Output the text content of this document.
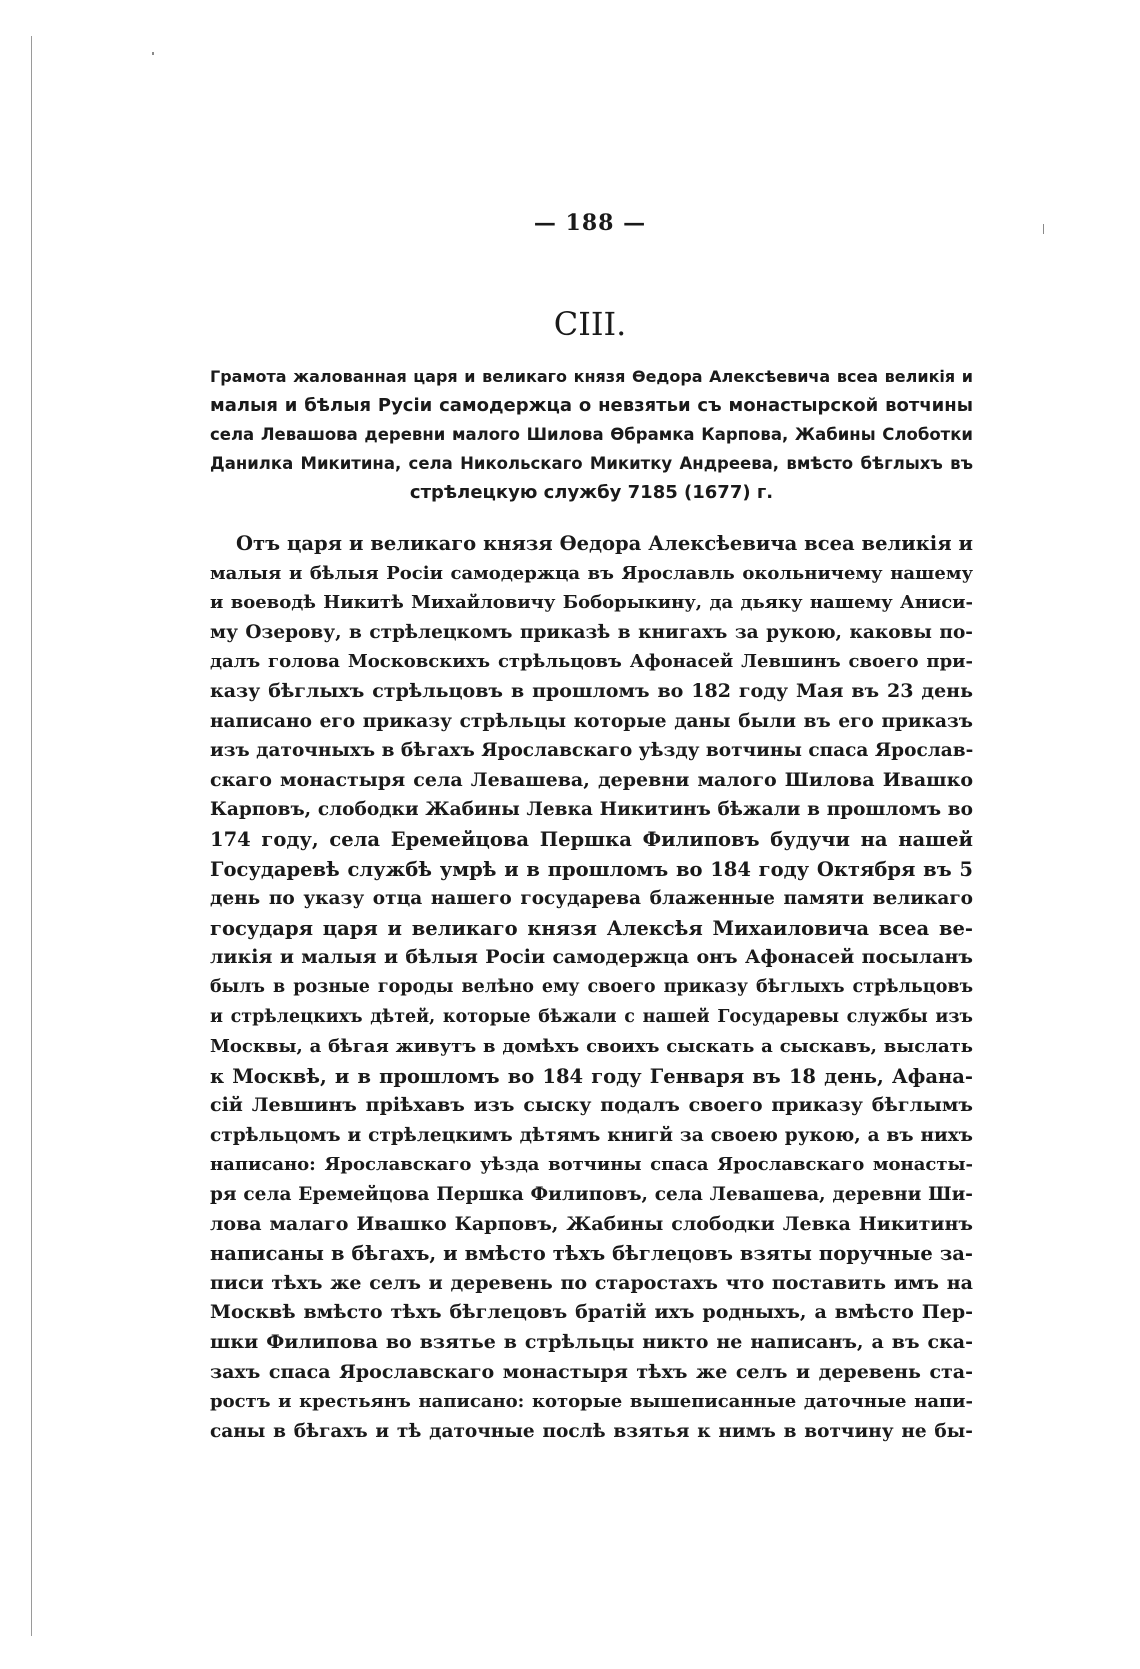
— 188 —
CIII.
Грамота жалованная царя и великаго князя Өедора Алексѣевича всеа великія и
малыя и бѣлыя Русіи самодержца о невзятьи съ монастырской вотчины
села Левашова деревни малого Шилова Өбрамка Карпова, Жабины Слоботки
Данилка Микитина, села Никольскаго Микитку Андреева, вмѣсто бѣглыхъ въ
стрѣлецкую службу 7185 (1677) г.
Отъ царя и великаго князя Өедора Алексѣевича всеа великія и
малыя и бѣлыя Росіи самодержца въ Ярославль окольничему нашему
и воеводѣ Никитѣ Михайловичу Боборыкину, да дьяку нашему Аниси-
му Озерову, в стрѣлецкомъ приказѣ в книгахъ за рукою, каковы по-
далъ голова Московскихъ стрѣльцовъ Афонасей Левшинъ своего при-
казу бѣглыхъ стрѣльцовъ в прошломъ во 182 году Мая въ 23 день
написано его приказу стрѣльцы которые даны были въ его приказъ
изъ даточныхъ в бѣгахъ Ярославскаго уѣзду вотчины спаса Ярослав-
скаго монастыря села Левашева, деревни малого Шилова Ивашко
Карповъ, слободки Жабины Левка Никитинъ бѣжали в прошломъ во
174 году, села Еремейцова Першка Филиповъ будучи на нашей
Государевѣ службѣ умрѣ и в прошломъ во 184 году Октября въ 5
день по указу отца нашего государева блаженные памяти великаго
государя царя и великаго князя Алексѣя Михаиловича всеа ве-
ликія и малыя и бѣлыя Росіи самодержца онъ Афонасей посыланъ
былъ в розные городы велѣно ему своего приказу бѣглыхъ стрѣльцовъ
и стрѣлецкихъ дѣтей, которые бѣжали с нашей Государевы службы изъ
Москвы, а бѣгая живутъ в домѣхъ своихъ сыскать а сыскавъ, выслать
к Москвѣ, и в прошломъ во 184 году Генваря въ 18 день, Афана-
сій Левшинъ пріѣхавъ изъ сыску подалъ своего приказу бѣглымъ
стрѣльцомъ и стрѣлецкимъ дѣтямъ книгй за своею рукою, а въ нихъ
написано: Ярославскаго уѣзда вотчины спаса Ярославскаго монасты-
ря села Еремейцова Першка Филиповъ, села Левашева, деревни Ши-
лова малаго Ивашко Карповъ, Жабины слободки Левка Никитинъ
написаны в бѣгахъ, и вмѣсто тѣхъ бѣглецовъ взяты поручные за-
писи тѣхъ же селъ и деревень по старостахъ что поставить имъ на
Москвѣ вмѣсто тѣхъ бѣглецовъ братій ихъ родныхъ, а вмѣсто Пер-
шки Филипова во взятье в стрѣльцы никто не написанъ, а въ ска-
захъ спаса Ярославскаго монастыря тѣхъ же селъ и деревень ста-
ростъ и крестьянъ написано: которые вышеписанные даточные напи-
саны в бѣгахъ и тѣ даточные послѣ взятья к нимъ в вотчину не бы-
